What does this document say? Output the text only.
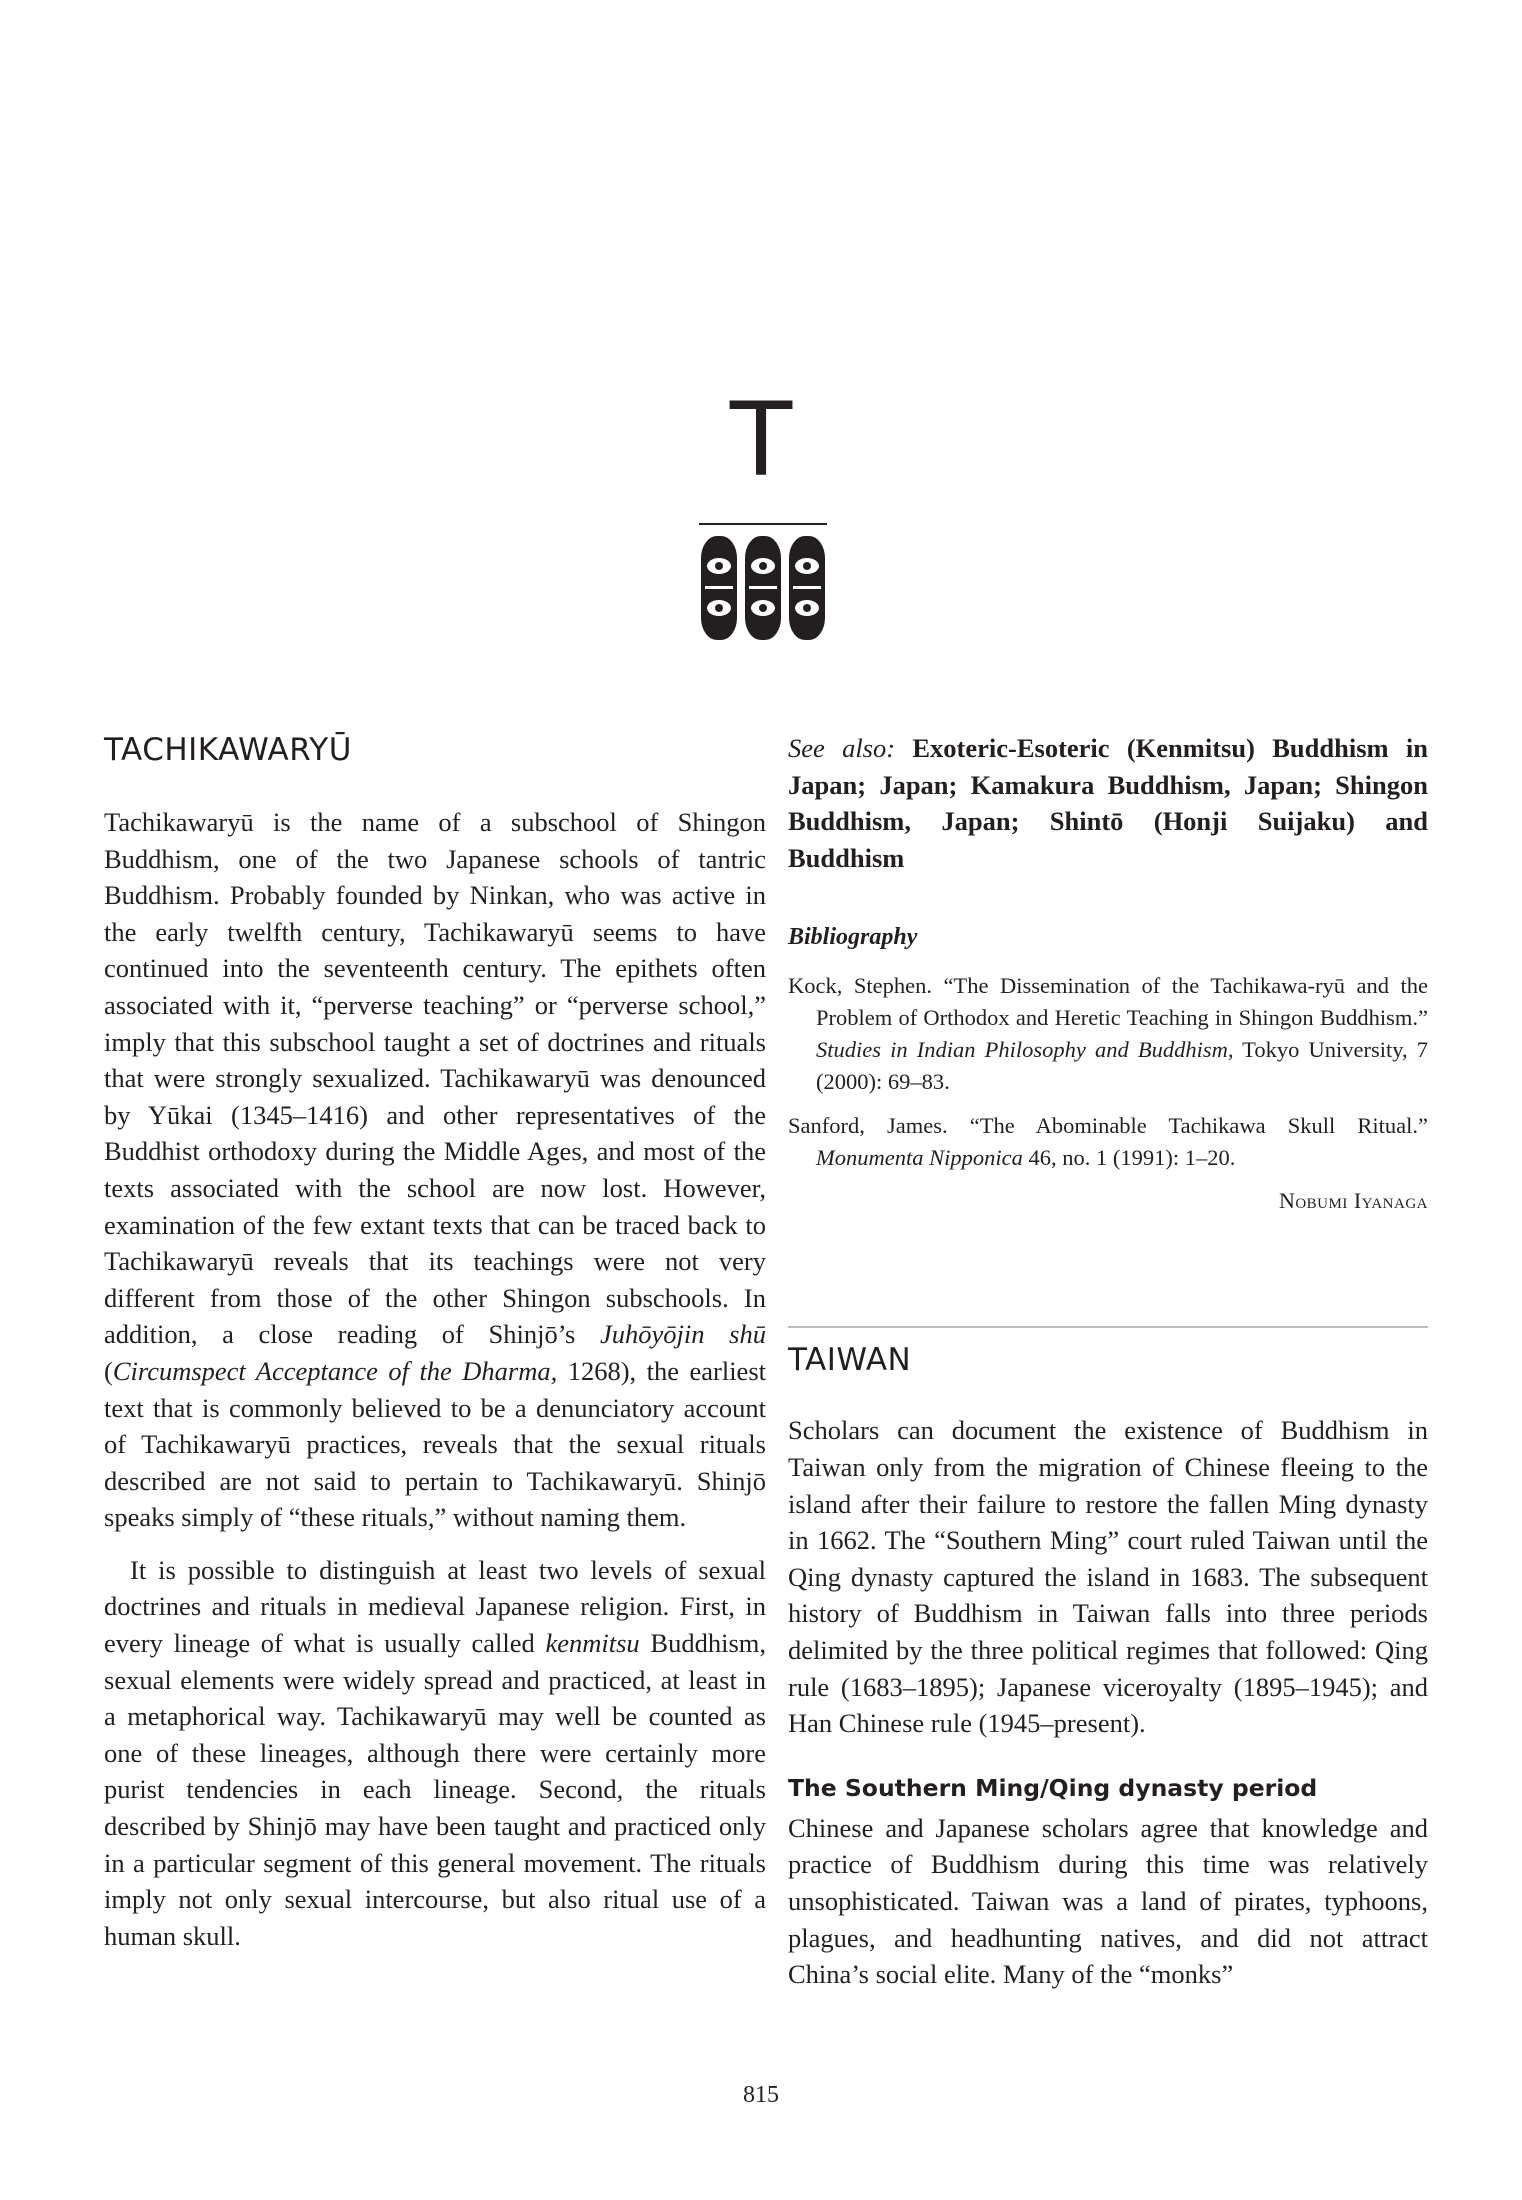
T
TACHIKAWARYŪ

Tachikawaryū is the name of a subschool of Shingon Buddhism, one of the two Japanese schools of tantric Buddhism. Probably founded by Ninkan, who was active in the early twelfth century, Tachikawaryū seems to have continued into the seventeenth century. The epithets often associated with it, “perverse teaching” or “perverse school,” imply that this subschool taught a set of doctrines and rituals that were strongly sexualized. Tachikawaryū was denounced by Yūkai (1345–1416) and other representatives of the Buddhist orthodoxy during the Middle Ages, and most of the texts associated with the school are now lost. However, examination of the few extant texts that can be traced back to Tachikawaryū reveals that its teachings were not very different from those of the other Shingon subschools. In addition, a close reading of Shinjō’s Juhōyōjin shū (Circumspect Acceptance of the Dharma, 1268), the earliest text that is commonly believed to be a denunciatory account of Tachikawaryū practices, reveals that the sexual rituals described are not said to pertain to Tachikawaryū. Shinjō speaks simply of “these rituals,” without naming them.

It is possible to distinguish at least two levels of sexual doctrines and rituals in medieval Japanese religion. First, in every lineage of what is usually called kenmitsu Buddhism, sexual elements were widely spread and practiced, at least in a metaphorical way. Tachikawaryū may well be counted as one of these lineages, although there were certainly more purist tendencies in each lineage. Second, the rituals described by Shinjō may have been taught and practiced only in a particular segment of this general movement. The rituals imply not only sexual intercourse, but also ritual use of a human skull.

See also: Exoteric-Esoteric (Kenmitsu) Buddhism in Japan; Japan; Kamakura Buddhism, Japan; Shingon Buddhism, Japan; Shintō (Honji Suijaku) and Buddhism

Bibliography

Kock, Stephen. “The Dissemination of the Tachikawa-ryū and the Problem of Orthodox and Heretic Teaching in Shingon Buddhism.” Studies in Indian Philosophy and Buddhism, Tokyo University, 7 (2000): 69–83.

Sanford, James. “The Abominable Tachikawa Skull Ritual.” Monumenta Nipponica 46, no. 1 (1991): 1–20.

Nobumi Iyanaga
TAIWAN

Scholars can document the existence of Buddhism in Taiwan only from the migration of Chinese fleeing to the island after their failure to restore the fallen Ming dynasty in 1662. The “Southern Ming” court ruled Taiwan until the Qing dynasty captured the island in 1683. The subsequent history of Buddhism in Taiwan falls into three periods delimited by the three political regimes that followed: Qing rule (1683–1895); Japanese viceroyalty (1895–1945); and Han Chinese rule (1945–present).

The Southern Ming/Qing dynasty period

Chinese and Japanese scholars agree that knowledge and practice of Buddhism during this time was relatively unsophisticated. Taiwan was a land of pirates, typhoons, plagues, and headhunting natives, and did not attract China’s social elite. Many of the “monks”

815
